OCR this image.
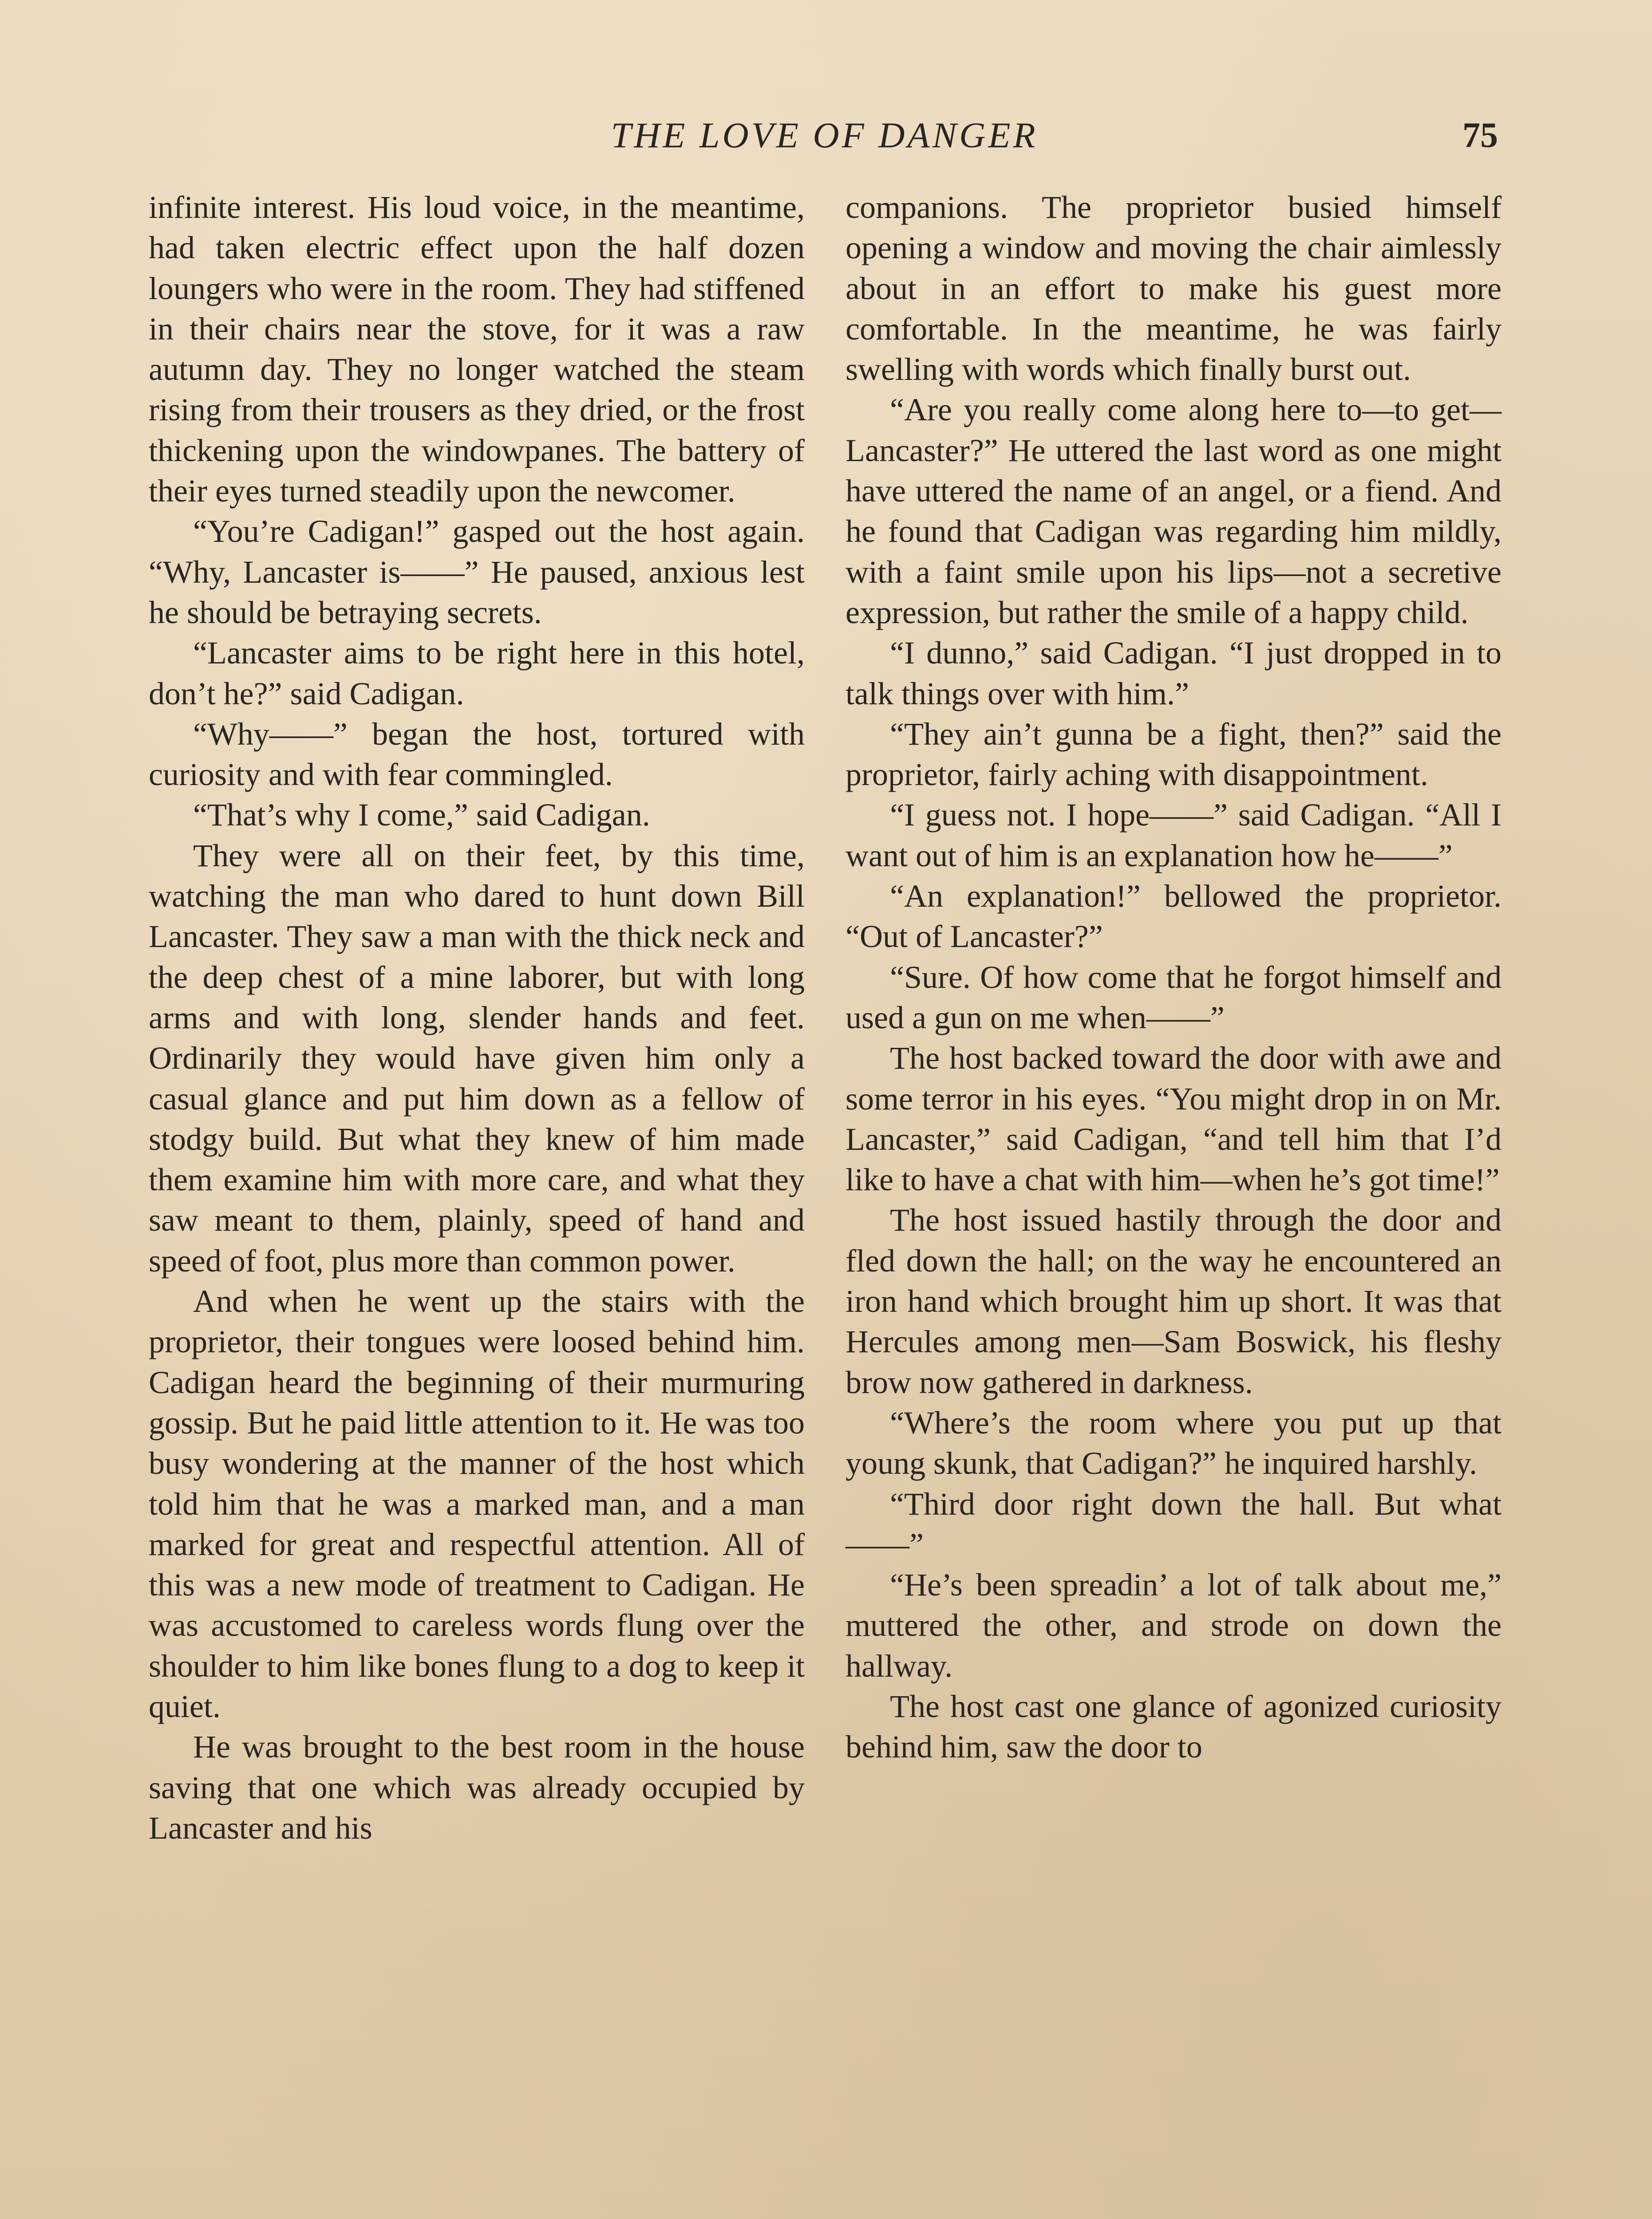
THE LOVE OF DANGER	75

infinite interest. His loud voice, in the meantime, had taken electric effect upon the half dozen loungers who were in the room. They had stiffened in their chairs near the stove, for it was a raw autumn day. They no longer watched the steam rising from their trousers as they dried, or the frost thickening upon the windowpanes. The battery of their eyes turned steadily upon the newcomer.

“You’re Cadigan!” gasped out the host again. “Why, Lancaster is——” He paused, anxious lest he should be betraying secrets.

“Lancaster aims to be right here in this hotel, don’t he?” said Cadigan.

“Why——” began the host, tortured with curiosity and with fear commingled.

“That’s why I come,” said Cadigan.

They were all on their feet, by this time, watching the man who dared to hunt down Bill Lancaster. They saw a man with the thick neck and the deep chest of a mine laborer, but with long arms and with long, slender hands and feet. Ordinarily they would have given him only a casual glance and put him down as a fellow of stodgy build. But what they knew of him made them examine him with more care, and what they saw meant to them, plainly, speed of hand and speed of foot, plus more than common power.

And when he went up the stairs with the proprietor, their tongues were loosed behind him. Cadigan heard the beginning of their murmuring gossip. But he paid little attention to it. He was too busy wondering at the manner of the host which told him that he was a marked man, and a man marked for great and respectful attention. All of this was a new mode of treatment to Cadigan. He was accustomed to careless words flung over the shoulder to him like bones flung to a dog to keep it quiet.

He was brought to the best room in the house saving that one which was already occupied by Lancaster and his

companions. The proprietor busied himself opening a window and moving the chair aimlessly about in an effort to make his guest more comfortable. In the meantime, he was fairly swelling with words which finally burst out.

“Are you really come along here to—to get—Lancaster?” He uttered the last word as one might have uttered the name of an angel, or a fiend. And he found that Cadigan was regarding him mildly, with a faint smile upon his lips—not a secretive expression, but rather the smile of a happy child.

“I dunno,” said Cadigan. “I just dropped in to talk things over with him.”

“They ain’t gunna be a fight, then?” said the proprietor, fairly aching with disappointment.

“I guess not. I hope——” said Cadigan. “All I want out of him is an explanation how he——”

“An explanation!” bellowed the proprietor. “Out of Lancaster?”

“Sure. Of how come that he forgot himself and used a gun on me when——”

The host backed toward the door with awe and some terror in his eyes. “You might drop in on Mr. Lancaster,” said Cadigan, “and tell him that I’d like to have a chat with him—when he’s got time!”

The host issued hastily through the door and fled down the hall; on the way he encountered an iron hand which brought him up short. It was that Hercules among men—Sam Boswick, his fleshy brow now gathered in darkness.

“Where’s the room where you put up that young skunk, that Cadigan?” he inquired harshly.

“Third door right down the hall. But what——”

“He’s been spreadin’ a lot of talk about me,” muttered the other, and strode on down the hallway.

The host cast one glance of agonized curiosity behind him, saw the door to
